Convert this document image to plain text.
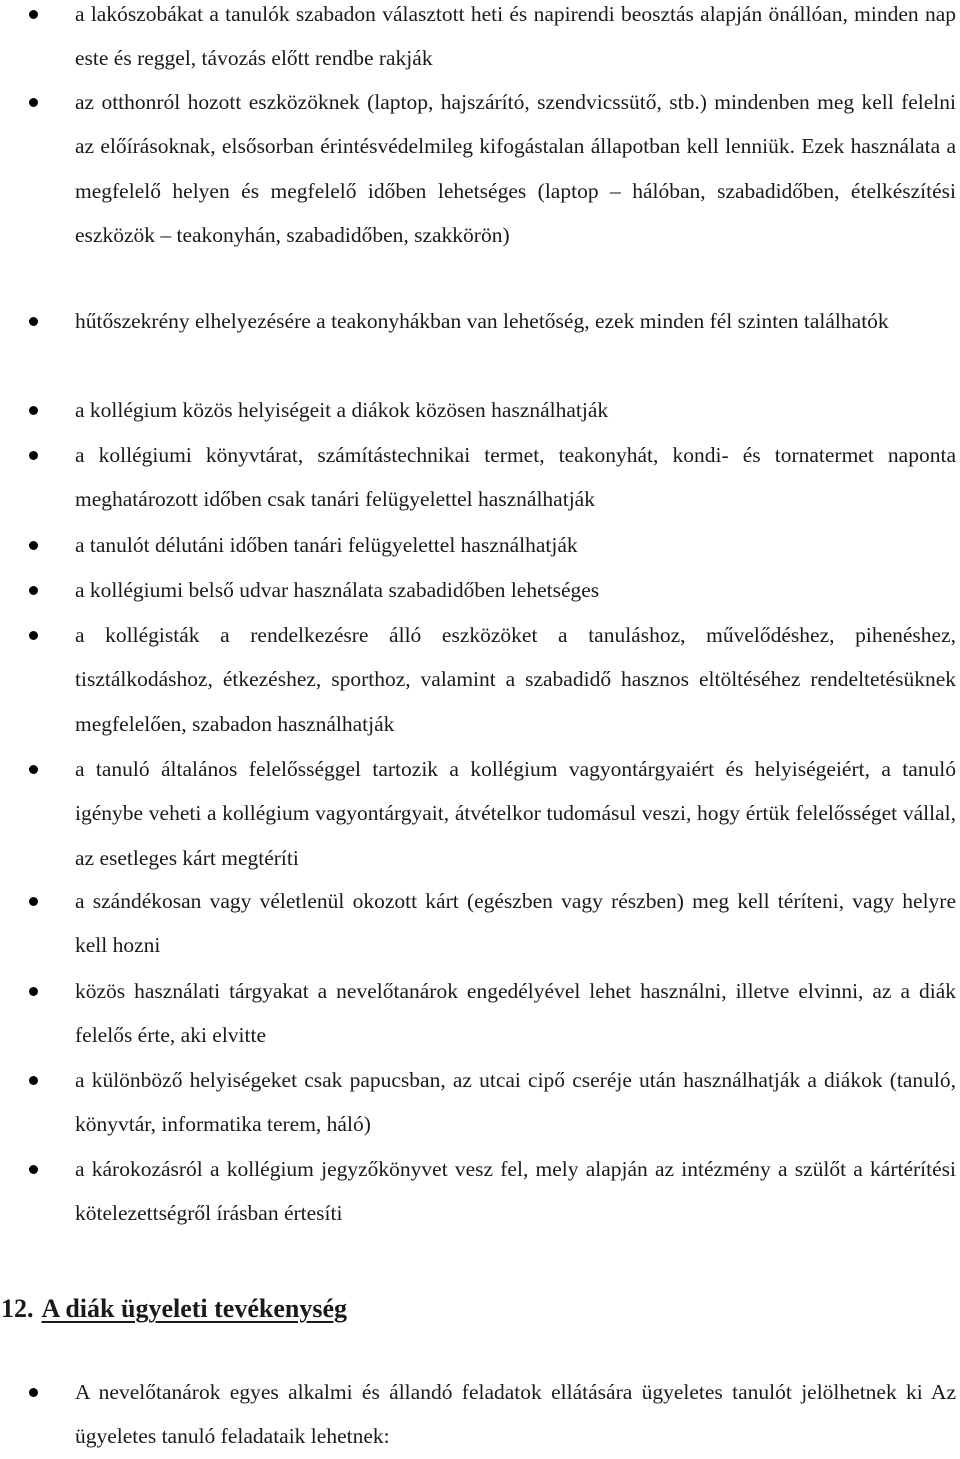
a lakószobákat a tanulók szabadon választott heti és napirendi beosztás alapján önállóan, minden nap este és reggel, távozás előtt rendbe rakják
az otthonról hozott eszközöknek (laptop, hajszárító, szendvicssütő, stb.) mindenben meg kell felelni az előírásoknak, elsősorban érintésvédelmileg kifogástalan állapotban kell lenniük. Ezek használata a megfelelő helyen és megfelelő időben lehetséges (laptop – hálóban, szabadidőben, ételkészítési eszközök – teakonyhán, szabadidőben, szakkörön)
hűtőszekrény elhelyezésére a teakonyhákban van lehetőség, ezek minden fél szinten találhatók
a kollégium közös helyiségeit a diákok közösen használhatják
a kollégiumi könyvtárat, számítástechnikai termet, teakonyhát, kondi- és tornatermet naponta meghatározott időben csak tanári felügyelettel használhatják
a tanulót délutáni időben tanári felügyelettel használhatják
a kollégiumi belső udvar használata szabadidőben lehetséges
a kollégisták a rendelkezésre álló eszközöket a tanuláshoz, művelődéshez, pihenéshez, tisztálkodáshoz, étkezéshez, sporthoz, valamint a szabadidő hasznos eltöltéséhez rendeltetésüknek megfelelően, szabadon használhatják
a tanuló általános felelősséggel tartozik a kollégium vagyontárgyaiért és helyiségeiért, a tanuló igénybe veheti a kollégium vagyontárgyait, átvételkor tudomásul veszi, hogy értük felelősséget vállal, az esetleges kárt megtéríti
a szándékosan vagy véletlenül okozott kárt (egészben vagy részben) meg kell téríteni, vagy helyre kell hozni
közös használati tárgyakat a nevelőtanárok engedélyével lehet használni, illetve elvinni, az a diák felelős érte, aki elvitte
a különböző helyiségeket csak papucsban, az utcai cipő cseréje után használhatják a diákok (tanuló, könyvtár, informatika terem, háló)
a károkozásról a kollégium jegyzőkönyvet vesz fel, mely alapján az intézmény a szülőt a kártérítési kötelezettségről írásban értesíti
12. A diák ügyeleti tevékenység
A nevelőtanárok egyes alkalmi és állandó feladatok ellátására ügyeletes tanulót jelölhetnek ki Az ügyeletes tanuló feladataik lehetnek:
